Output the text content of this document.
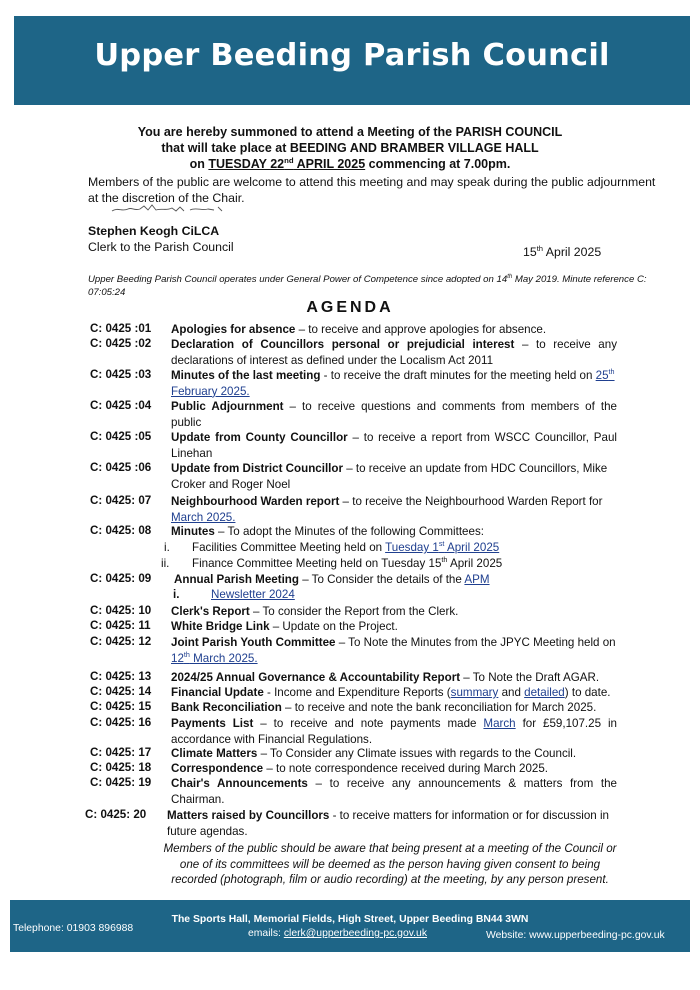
Upper Beeding Parish Council
You are hereby summoned to attend a Meeting of the PARISH COUNCIL
that will take place at BEEDING AND BRAMBER VILLAGE HALL
on TUESDAY 22nd APRIL 2025 commencing at 7.00pm.
Members of the public are welcome to attend this meeting and may speak during the public adjournment at the discretion of the Chair.
Stephen Keogh CiLCA
Clerk to the Parish Council	15th April 2025
Upper Beeding Parish Council operates under General Power of Competence since adopted on 14th May 2019. Minute reference C: 07:05:24
AGENDA
C: 0425 :01	Apologies for absence – to receive and approve apologies for absence.
C: 0425 :02	Declaration of Councillors personal or prejudicial interest – to receive any declarations of interest as defined under the Localism Act 2011
C: 0425 :03	Minutes of the last meeting - to receive the draft minutes for the meeting held on 25th February 2025.
C: 0425 :04	Public Adjournment – to receive questions and comments from members of the public
C: 0425 :05	Update from County Councillor – to receive a report from WSCC Councillor, Paul Linehan
C: 0425 :06	Update from District Councillor – to receive an update from HDC Councillors, Mike Croker and Roger Noel
C: 0425: 07	Neighbourhood Warden report – to receive the Neighbourhood Warden Report for March 2025.
C: 0425: 08	Minutes – To adopt the Minutes of the following Committees:
i. Facilities Committee Meeting held on Tuesday 1st April 2025
ii. Finance Committee Meeting held on Tuesday 15th April 2025
C: 0425: 09	Annual Parish Meeting – To Consider the details of the APM
i.	Newsletter 2024
C: 0425: 10	Clerk's Report – To consider the Report from the Clerk.
C: 0425: 11	White Bridge Link – Update on the Project.
C: 0425: 12	Joint Parish Youth Committee – To Note the Minutes from the JPYC Meeting held on 12th March 2025.
C: 0425: 13	2024/25 Annual Governance & Accountability Report – To Note the Draft AGAR.
C: 0425: 14	Financial Update - Income and Expenditure Reports (summary and detailed) to date.
C: 0425: 15	Bank Reconciliation – to receive and note the bank reconciliation for March 2025.
C: 0425: 16	Payments List – to receive and note payments made March for £59,107.25 in accordance with Financial Regulations.
C: 0425: 17	Climate Matters – To Consider any Climate issues with regards to the Council.
C: 0425: 18	Correspondence – to note correspondence received during March 2025.
C: 0425: 19	Chair's Announcements – to receive any announcements & matters from the Chairman.
C: 0425: 20	Matters raised by Councillors - to receive matters for information or for discussion in future agendas.
Members of the public should be aware that being present at a meeting of the Council or one of its committees will be deemed as the person having given consent to being recorded (photograph, film or audio recording) at the meeting, by any person present.
The Sports Hall, Memorial Fields, High Street, Upper Beeding BN44 3WN
Telephone: 01903 896988	emails: clerk@upperbeeding-pc.gov.uk	Website: www.upperbeeding-pc.gov.uk
